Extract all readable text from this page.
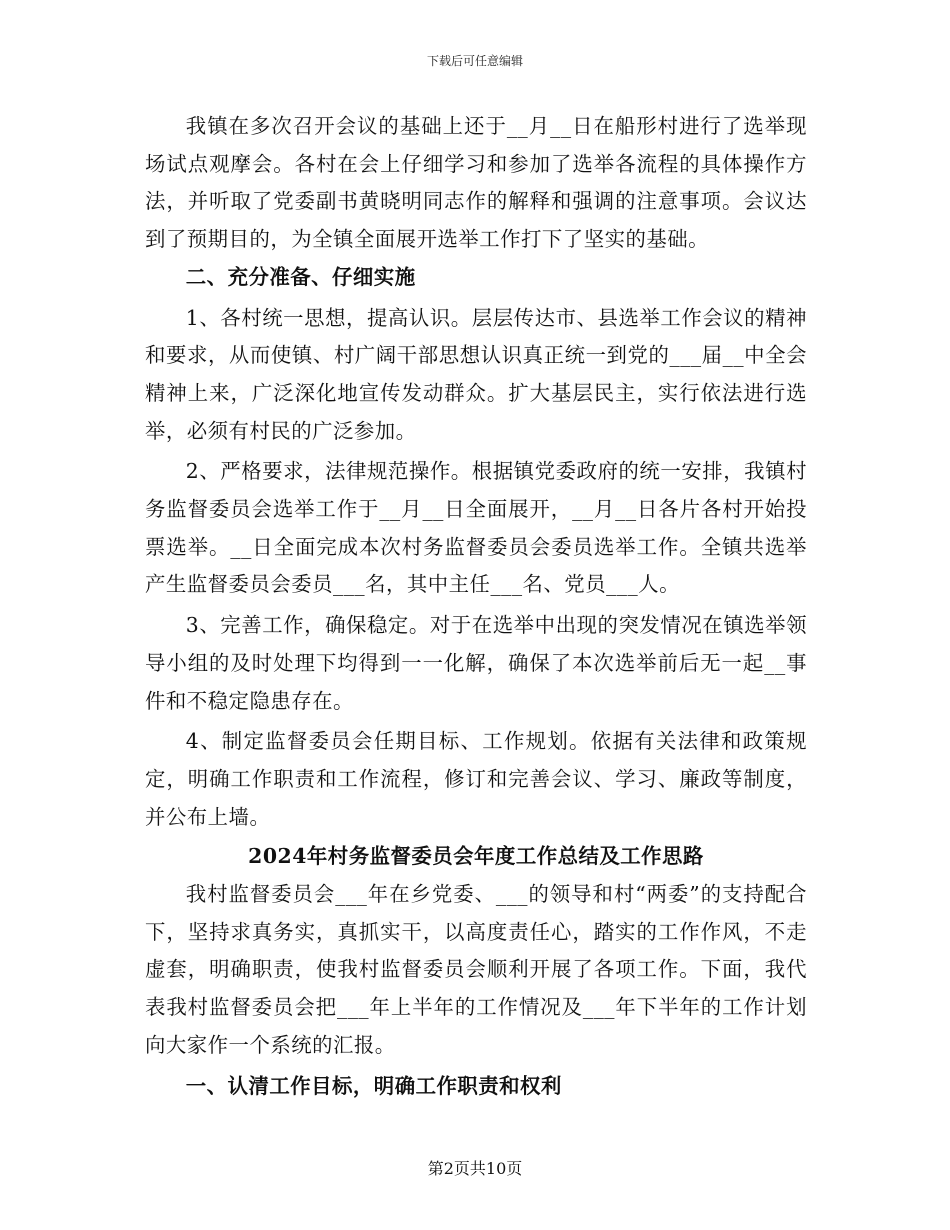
下载后可任意编辑

我镇在多次召开会议的基础上还于__月__日在船形村进行了选举现场试点观摩会。各村在会上仔细学习和参加了选举各流程的具体操作方法，并听取了党委副书黄晓明同志作的解释和强调的注意事项。会议达到了预期目的，为全镇全面展开选举工作打下了坚实的基础。

二、充分准备、仔细实施

1、各村统一思想，提高认识。层层传达市、县选举工作会议的精神和要求，从而使镇、村广阔干部思想认识真正统一到党的___届__中全会精神上来，广泛深化地宣传发动群众。扩大基层民主，实行依法进行选举，必须有村民的广泛参加。

2、严格要求，法律规范操作。根据镇党委政府的统一安排，我镇村务监督委员会选举工作于__月__日全面展开，__月__日各片各村开始投票选举。__日全面完成本次村务监督委员会委员选举工作。全镇共选举产生监督委员会委员___名，其中主任___名、党员___人。

3、完善工作，确保稳定。对于在选举中出现的突发情况在镇选举领导小组的及时处理下均得到一一化解，确保了本次选举前后无一起__事件和不稳定隐患存在。

4、制定监督委员会任期目标、工作规划。依据有关法律和政策规定，明确工作职责和工作流程，修订和完善会议、学习、廉政等制度，并公布上墙。

2024年村务监督委员会年度工作总结及工作思路

我村监督委员会___年在乡党委、___的领导和村“两委”的支持配合下，坚持求真务实，真抓实干，以高度责任心，踏实的工作作风，不走虚套，明确职责，使我村监督委员会顺利开展了各项工作。下面，我代表我村监督委员会把___年上半年的工作情况及___年下半年的工作计划向大家作一个系统的汇报。

一、认清工作目标，明确工作职责和权利

第2页共10页
